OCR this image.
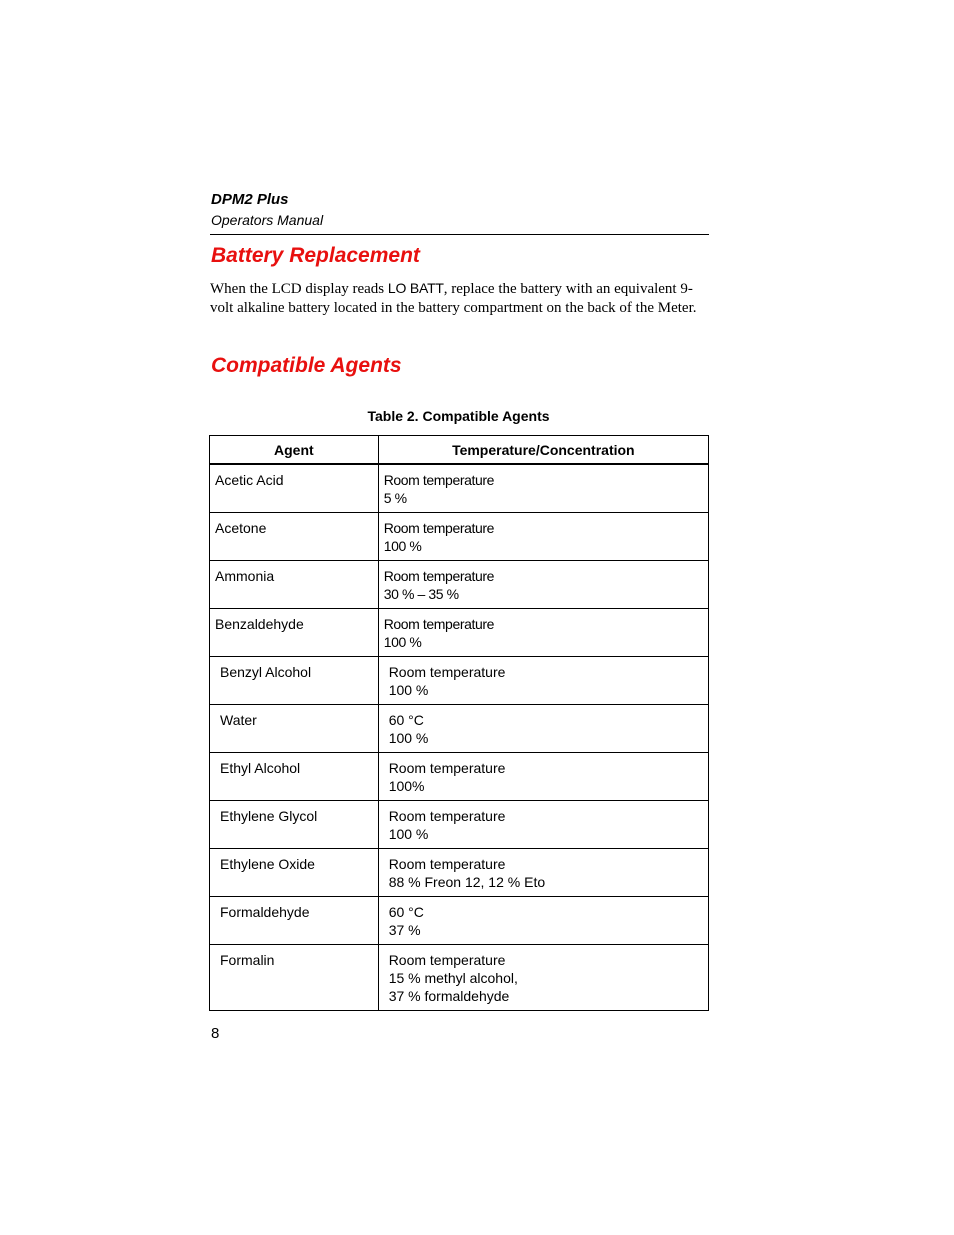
DPM2 Plus
Operators Manual
Battery Replacement

When the LCD display reads LO BATT, replace the battery with an equivalent 9-volt alkaline battery located in the battery compartment on the back of the Meter.

Compatible Agents
Table 2. Compatible Agents
Agent	Temperature/Concentration
Acetic Acid	Room temperature
5 %

Acetone	Room temperature
100 %

Ammonia	Room temperature
30 % – 35 %

Benzaldehyde	Room temperature
100 %

Benzyl Alcohol	Room temperature
100 %

Water	60 °C
100 %

Ethyl Alcohol	Room temperature
100%

Ethylene Glycol	Room temperature
100 %

Ethylene Oxide	Room temperature
88 % Freon 12, 12 % Eto

Formaldehyde	60 °C
37 %

Formalin	Room temperature
15 % methyl alcohol,
37 % formaldehyde
8
